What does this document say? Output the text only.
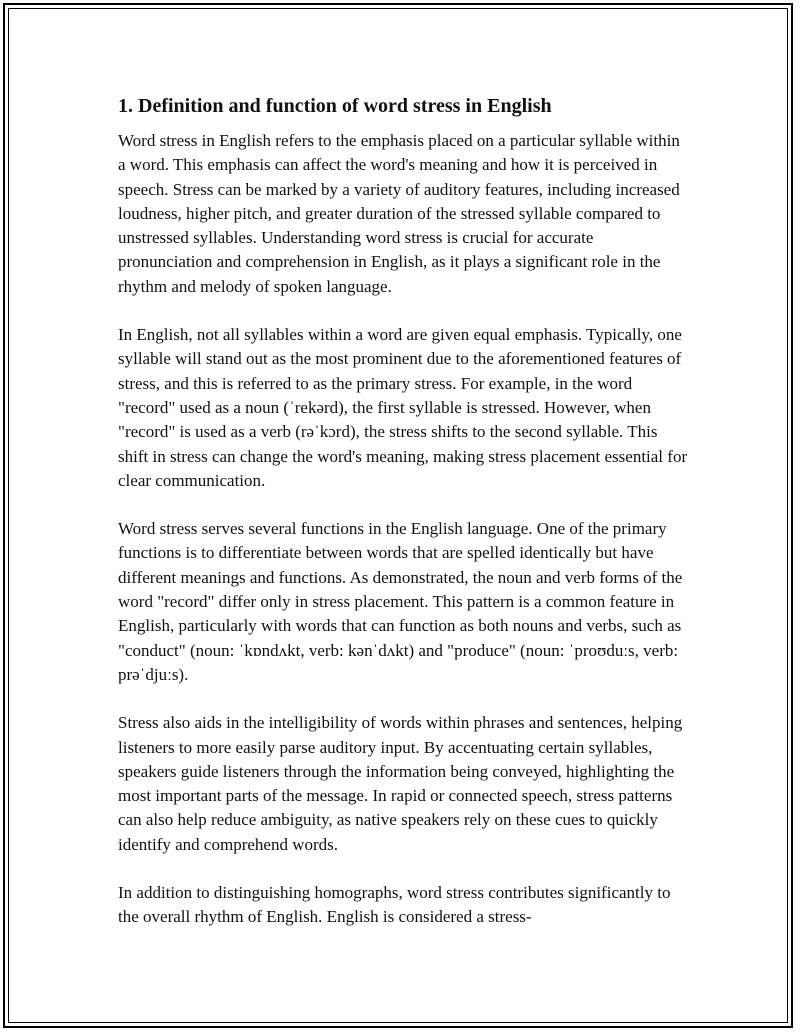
1. Definition and function of word stress in English

Word stress in English refers to the emphasis placed on a particular syllable within a word. This emphasis can affect the word's meaning and how it is perceived in speech. Stress can be marked by a variety of auditory features, including increased loudness, higher pitch, and greater duration of the stressed syllable compared to unstressed syllables. Understanding word stress is crucial for accurate pronunciation and comprehension in English, as it plays a significant role in the rhythm and melody of spoken language.

In English, not all syllables within a word are given equal emphasis. Typically, one syllable will stand out as the most prominent due to the aforementioned features of stress, and this is referred to as the primary stress. For example, in the word "record" used as a noun (ˈrekərd), the first syllable is stressed. However, when "record" is used as a verb (rəˈkɔrd), the stress shifts to the second syllable. This shift in stress can change the word's meaning, making stress placement essential for clear communication.

Word stress serves several functions in the English language. One of the primary functions is to differentiate between words that are spelled identically but have different meanings and functions. As demonstrated, the noun and verb forms of the word "record" differ only in stress placement. This pattern is a common feature in English, particularly with words that can function as both nouns and verbs, such as "conduct" (noun: ˈkɒndʌkt, verb: kənˈdʌkt) and "produce" (noun: ˈproʊduːs, verb: prəˈdjuːs).

Stress also aids in the intelligibility of words within phrases and sentences, helping listeners to more easily parse auditory input. By accentuating certain syllables, speakers guide listeners through the information being conveyed, highlighting the most important parts of the message. In rapid or connected speech, stress patterns can also help reduce ambiguity, as native speakers rely on these cues to quickly identify and comprehend words.

In addition to distinguishing homographs, word stress contributes significantly to the overall rhythm of English. English is considered a stress-
